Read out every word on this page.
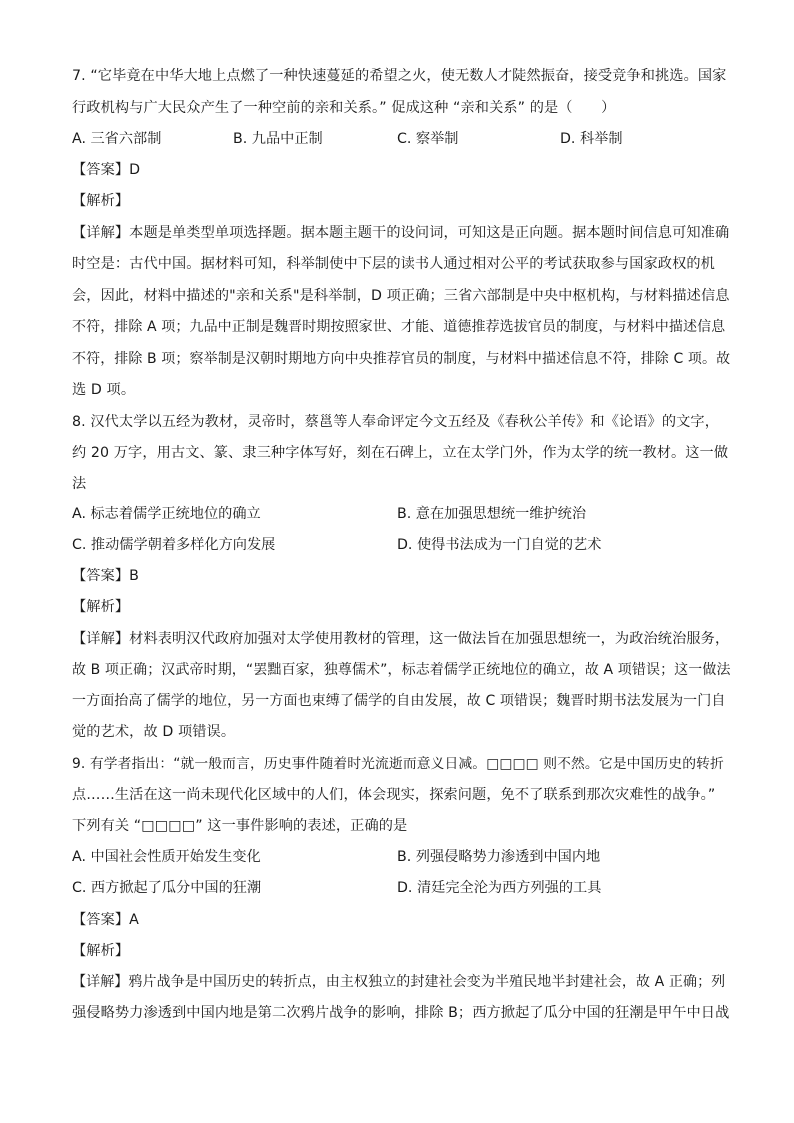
7. “它毕竟在中华大地上点燃了一种快速蔓延的希望之火，使无数人才陡然振奋，接受竞争和挑选。国家
行政机构与广大民众产生了一种空前的亲和关系。” 促成这种 “亲和关系” 的是（　　）
A. 三省六部制	B. 九品中正制	C. 察举制	D. 科举制
【答案】D
【解析】
【详解】本题是单类型单项选择题。据本题主题干的设问词，可知这是正向题。据本题时间信息可知准确
时空是：古代中国。据材料可知，科举制使中下层的读书人通过相对公平的考试获取参与国家政权的机
会，因此，材料中描述的"亲和关系"是科举制，D 项正确；三省六部制是中央中枢机构，与材料描述信息
不符，排除 A 项；九品中正制是魏晋时期按照家世、才能、道德推荐选拔官员的制度，与材料中描述信息
不符，排除 B 项；察举制是汉朝时期地方向中央推荐官员的制度，与材料中描述信息不符，排除 C 项。故
选 D 项。
8. 汉代太学以五经为教材，灵帝时，蔡邕等人奉命评定今文五经及《春秋公羊传》和《论语》的文字，
约 20 万字，用古文、篆、隶三种字体写好，刻在石碑上，立在太学门外，作为太学的统一教材。这一做
法
A. 标志着儒学正统地位的确立	B. 意在加强思想统一维护统治
C. 推动儒学朝着多样化方向发展	D. 使得书法成为一门自觉的艺术
【答案】B
【解析】
【详解】材料表明汉代政府加强对太学使用教材的管理，这一做法旨在加强思想统一，为政治统治服务，
故 B 项正确；汉武帝时期，“罢黜百家，独尊儒术”，标志着儒学正统地位的确立，故 A 项错误；这一做法
一方面抬高了儒学的地位，另一方面也束缚了儒学的自由发展，故 C 项错误；魏晋时期书法发展为一门自
觉的艺术，故 D 项错误。
9. 有学者指出：“就一般而言，历史事件随着时光流逝而意义日减。□□□□ 则不然。它是中国历史的转折
点……生活在这一尚未现代化区域中的人们，体会现实，探索问题，免不了联系到那次灾难性的战争。”
下列有关 “□□□□” 这一事件影响的表述，正确的是
A. 中国社会性质开始发生变化	B. 列强侵略势力渗透到中国内地
C. 西方掀起了瓜分中国的狂潮	D. 清廷完全沦为西方列强的工具
【答案】A
【解析】
【详解】鸦片战争是中国历史的转折点，由主权独立的封建社会变为半殖民地半封建社会，故 A 正确；列
强侵略势力渗透到中国内地是第二次鸦片战争的影响，排除 B；西方掀起了瓜分中国的狂潮是甲午中日战
